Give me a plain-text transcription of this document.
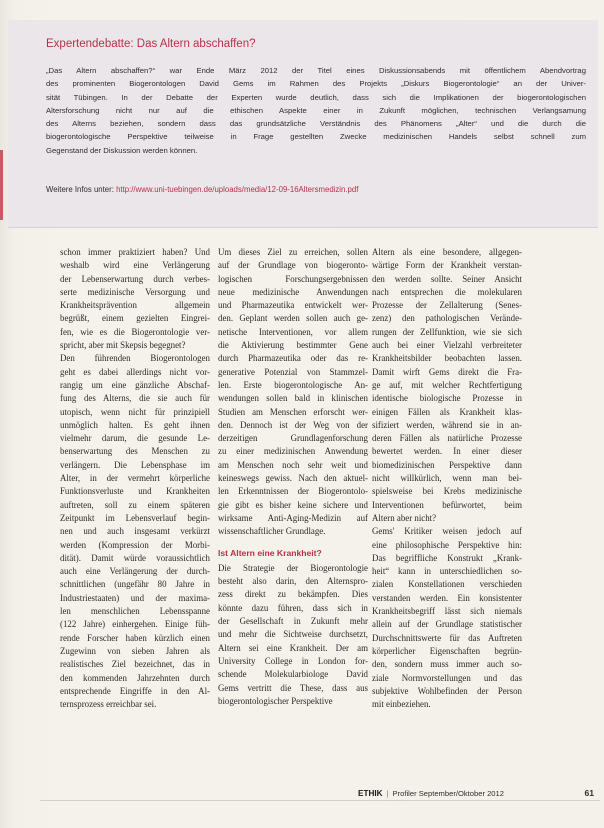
Expertendebatte: Das Altern abschaffen?
„Das Altern abschaffen?“ war Ende März 2012 der Titel eines Diskussionsabends mit öffentlichem Abendvortrag
des prominenten Biogerontologen David Gems im Rahmen des Projekts „Diskurs Biogerontologie“ an der Univer-
sität Tübingen. In der Debatte der Experten wurde deutlich, dass sich die Implikationen der biogerontologischen
Altersforschung nicht nur auf die ethischen Aspekte einer in Zukunft möglichen, technischen Verlangsamung
des Alterns beziehen, sondern dass das grundsätzliche Verständnis des Phänomens „Alter“ und die durch die
biogerontologische Perspektive teilweise in Frage gestellten Zwecke medizinischen Handels selbst schnell zum
Gegenstand der Diskussion werden können.
Weitere Infos unter: http://www.uni-tuebingen.de/uploads/media/12-09-16Altersmedizin.pdf

schon immer praktiziert haben? Und

weshalb wird eine Verlängerung

der Lebenserwartung durch verbes-

serte medizinische Versorgung und

Krankheitsprävention allgemein

begrüßt, einem gezielten Eingrei-

fen, wie es die Biogerontologie ver-

spricht, aber mit Skepsis begegnet?

Den führenden Biogerontologen

geht es dabei allerdings nicht vor-

rangig um eine gänzliche Abschaf-

fung des Alterns, die sie auch für

utopisch, wenn nicht für prinzipiell

unmöglich halten. Es geht ihnen

vielmehr darum, die gesunde Le-

benserwartung des Menschen zu

verlängern. Die Lebensphase im

Alter, in der vermehrt körperliche

Funktionsverluste und Krankheiten

auftreten, soll zu einem späteren

Zeitpunkt im Lebensverlauf begin-

nen und auch insgesamt verkürzt

werden (Kompression der Morbi-

dität). Damit würde voraussichtlich

auch eine Verlängerung der durch-

schnittlichen (ungefähr 80 Jahre in

Industriestaaten) und der maxima-

len menschlichen Lebensspanne

(122 Jahre) einhergehen. Einige füh-

rende Forscher haben kürzlich einen

Zugewinn von sieben Jahren als

realistisches Ziel bezeichnet, das in

den kommenden Jahrzehnten durch

entsprechende Eingriffe in den Al-

ternsprozess erreichbar sei.

Um dieses Ziel zu erreichen, sollen

auf der Grundlage von biogeronto-

logischen Forschungsergebnissen

neue medizinische Anwendungen

und Pharmazeutika entwickelt wer-

den. Geplant werden sollen auch ge-

netische Interventionen, vor allem

die Aktivierung bestimmter Gene

durch Pharmazeutika oder das re-

generative Potenzial von Stammzel-

len. Erste biogerontologische An-

wendungen sollen bald in klinischen

Studien am Menschen erforscht wer-

den. Dennoch ist der Weg von der

derzeitigen Grundlagenforschung

zu einer medizinischen Anwendung

am Menschen noch sehr weit und

keineswegs gewiss. Nach den aktuel-

len Erkenntnissen der Biogerontolo-

gie gibt es bisher keine sichere und

wirksame Anti-Aging-Medizin auf

wissenschaftlicher Grundlage.

Ist Altern eine Krankheit?

Die Strategie der Biogerontologie

besteht also darin, den Alternspro-

zess direkt zu bekämpfen. Dies

könnte dazu führen, dass sich in

der Gesellschaft in Zukunft mehr

und mehr die Sichtweise durchsetzt,

Altern sei eine Krankheit. Der am

University College in London for-

schende Molekularbiologe David

Gems vertritt die These, dass aus

biogerontologischer Perspektive

Altern als eine besondere, allgegen-

wärtige Form der Krankheit verstan-

den werden sollte. Seiner Ansicht

nach entsprechen die molekularen

Prozesse der Zellalterung (Senes-

zenz) den pathologischen Verände-

rungen der Zellfunktion, wie sie sich

auch bei einer Vielzahl verbreiteter

Krankheitsbilder beobachten lassen.

Damit wirft Gems direkt die Fra-

ge auf, mit welcher Rechtfertigung

identische biologische Prozesse in

einigen Fällen als Krankheit klas-

sifiziert werden, während sie in an-

deren Fällen als natürliche Prozesse

bewertet werden. In einer dieser

biomedizinischen Perspektive dann

nicht willkürlich, wenn man bei-

spielsweise bei Krebs medizinische

Interventionen befürwortet, beim

Altern aber nicht?

Gems' Kritiker weisen jedoch auf

eine philosophische Perspektive hin:

Das begriffliche Konstrukt „Krank-

heit“ kann in unterschiedlichen so-

zialen Konstellationen verschieden

verstanden werden. Ein konsistenter

Krankheitsbegriff lässt sich niemals

allein auf der Grundlage statistischer

Durchschnittswerte für das Auftreten

körperlicher Eigenschaften begrün-

den, sondern muss immer auch so-

ziale Normvorstellungen und das

subjektive Wohlbefinden der Person

mit einbeziehen.

ETHIK | Profiler September/Oktober 2012	61
